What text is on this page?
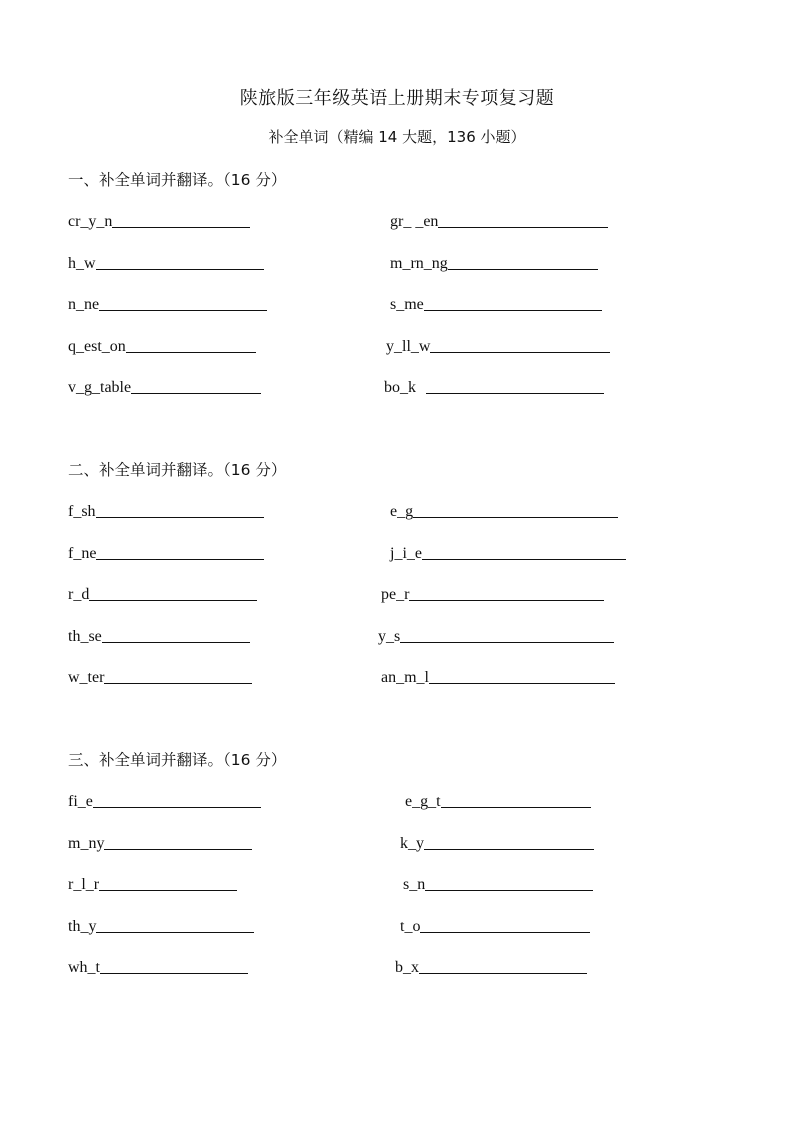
陕旅版三年级英语上册期末专项复习题
补全单词（精编 14 大题，136 小题）
一、补全单词并翻译。（16 分）
cr_y_n	gr_ _en
h_w	m_rn_ng
n_ne	s_me
q_est_on	y_ll_w
v_g_table	bo_k
二、补全单词并翻译。（16 分）
f_sh	e_g
f_ne	j_i_e
r_d	pe_r
th_se	y_s
w_ter	an_m_l
三、补全单词并翻译。（16 分）
fi_e	e_g_t
m_ny	k_y
r_l_r	s_n
th_y	t_o
wh_t	b_x
